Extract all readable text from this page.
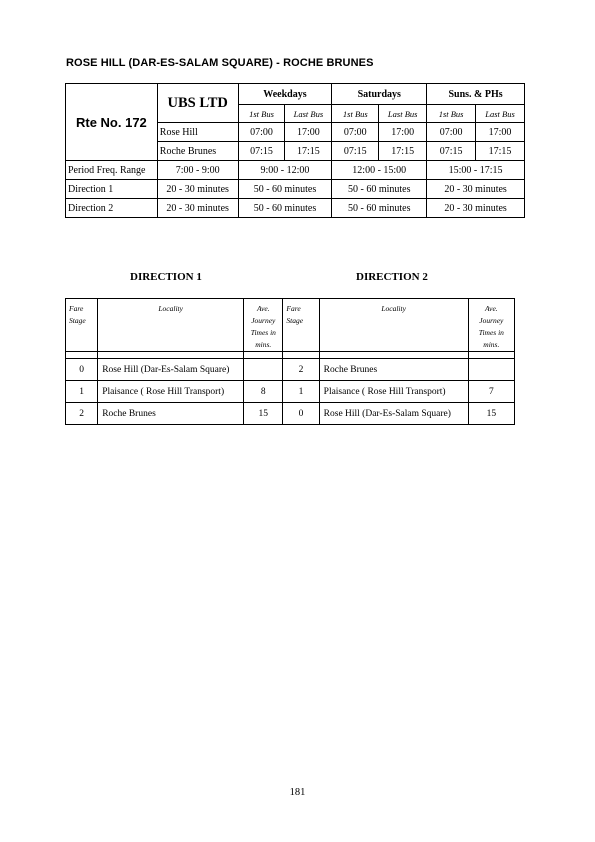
ROSE HILL (DAR-ES-SALAM SQUARE) - ROCHE BRUNES
Rte No. 172	UBS LTD	Weekdays		Saturdays		Suns. & PHs	
		1st Bus	Last Bus	1st Bus	Last Bus	1st Bus	Last Bus
	Rose Hill	07:00	17:00	07:00	17:00	07:00	17:00
	Roche Brunes	07:15	17:15	07:15	17:15	07:15	17:15
Period Freq. Range	7:00 - 9:00	9:00 - 12:00		12:00 - 15:00		15:00 - 17:15	
Direction 1	20 - 30 minutes	50 - 60 minutes		50 - 60 minutes		20 - 30 minutes	
Direction 2	20 - 30 minutes	50 - 60 minutes		50 - 60 minutes		20 - 30 minutes	
DIRECTION 1	DIRECTION 2
Fare
Stage	Locality	Ave.
Journey
Times in
mins.	Fare
Stage	Locality	Ave.
Journey
Times in
mins.

0	Rose Hill (Dar-Es-Salam Square)		2	Roche Brunes	
1	Plaisance ( Rose Hill Transport)	8	1	Plaisance ( Rose Hill Transport)	7
2	Roche Brunes	15	0	Rose Hill (Dar-Es-Salam Square)	15
181
